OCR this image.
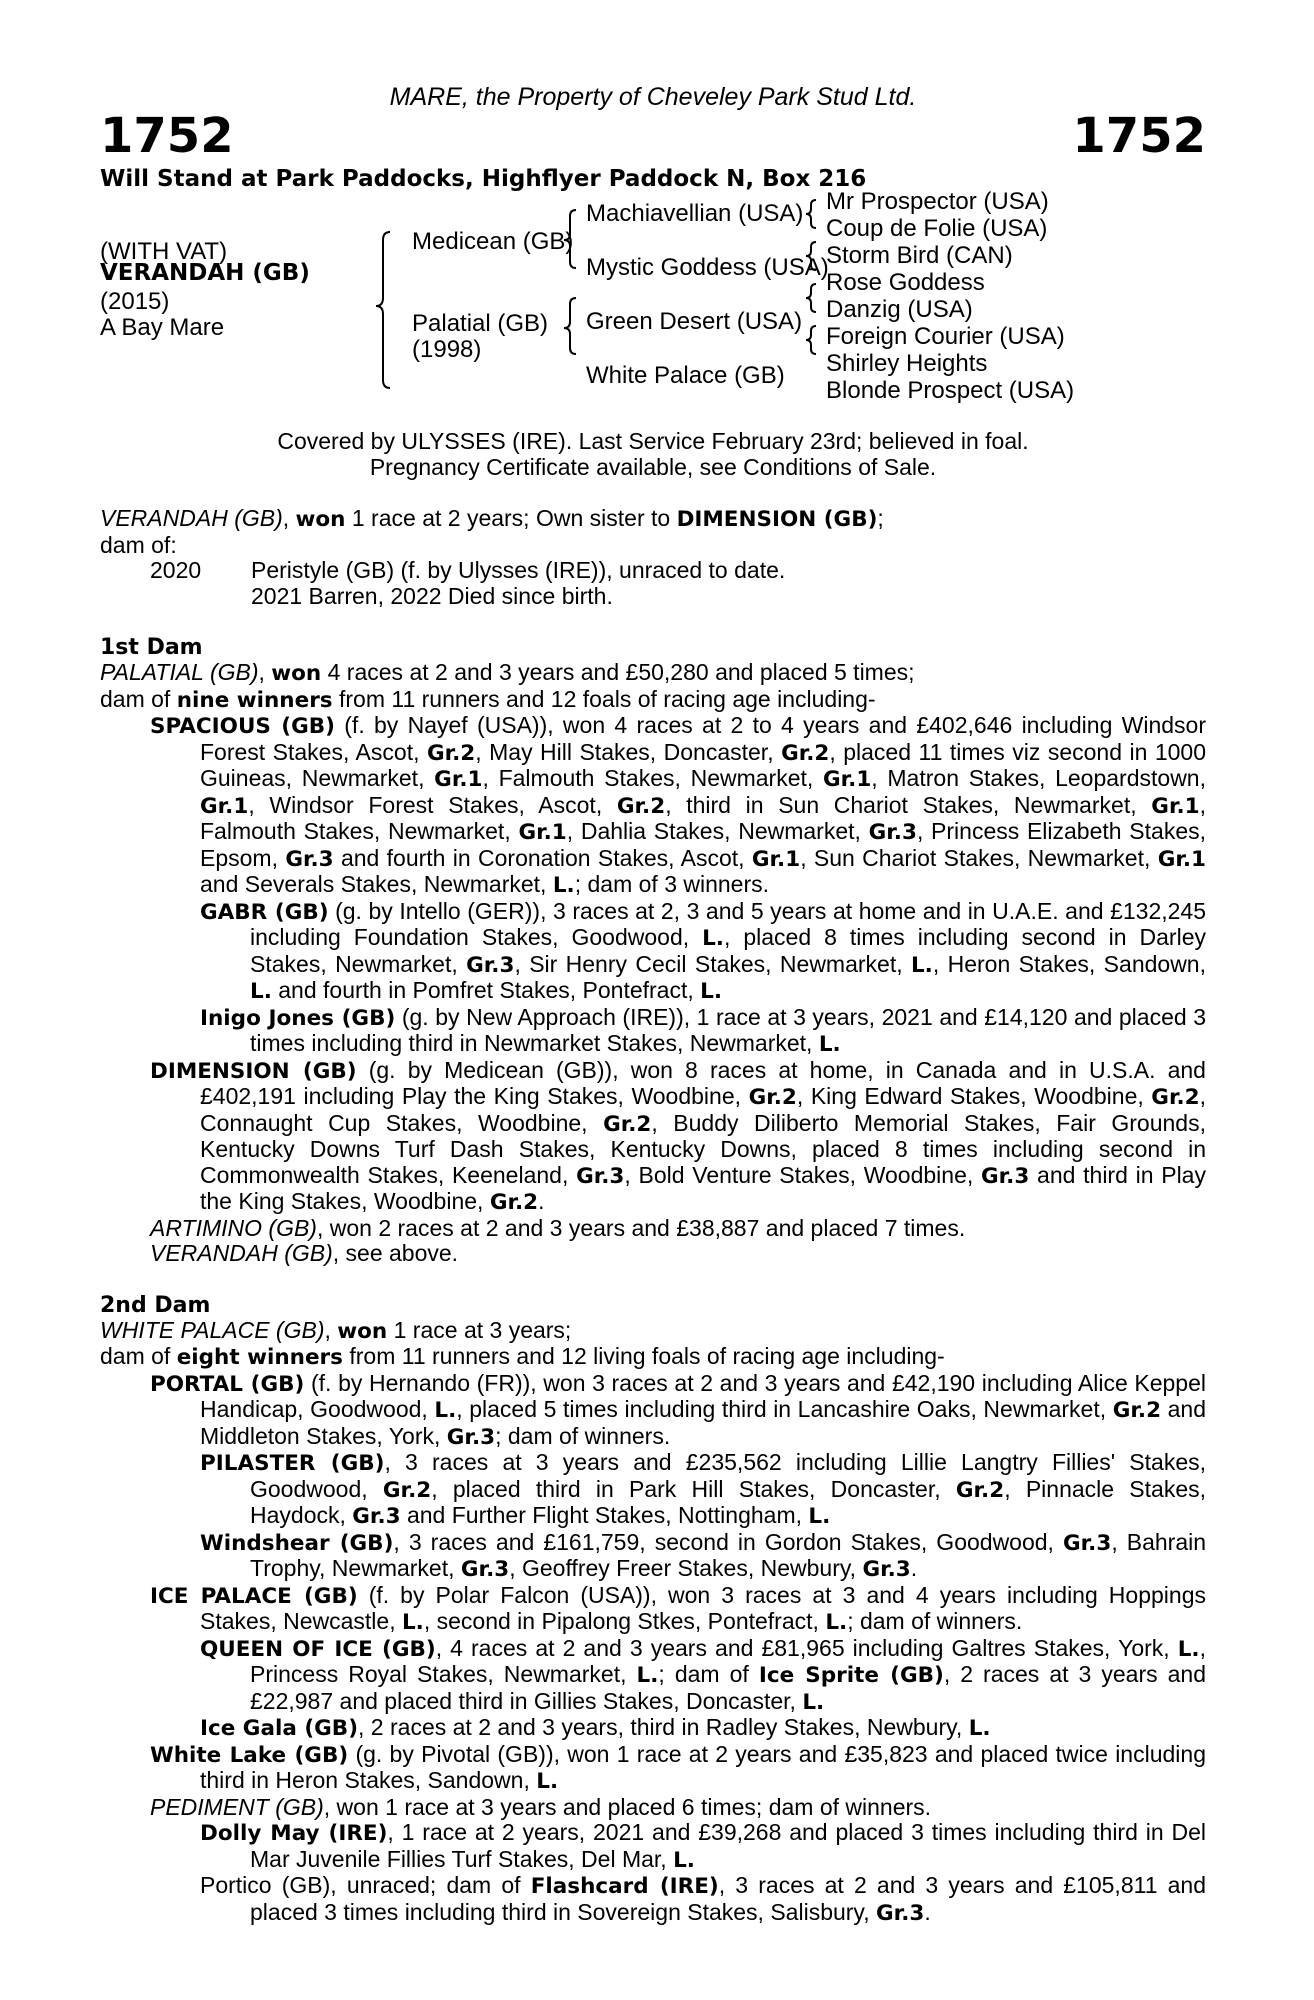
MARE, the Property of Cheveley Park Stud Ltd.

1752	1752
Will Stand at Park Paddocks, Highflyer Paddock N, Box 216
(WITH VAT)
VERANDAH (GB)
(2015)
A Bay Mare
Medicean (GB)
Palatial (GB)
(1998)
Machiavellian (USA)
Mystic Goddess (USA)
Green Desert (USA)
White Palace (GB)
Mr Prospector (USA)
Coup de Folie (USA)
Storm Bird (CAN)
Rose Goddess
Danzig (USA)
Foreign Courier (USA)
Shirley Heights
Blonde Prospect (USA)
Covered by ULYSSES (IRE). Last Service February 23rd; believed in foal.
Pregnancy Certificate available, see Conditions of Sale.
VERANDAH (GB), won 1 race at 2 years; Own sister to DIMENSION (GB);
dam of:
2020	Peristyle (GB) (f. by Ulysses (IRE)), unraced to date.
2021 Barren, 2022 Died since birth.
1st Dam
PALATIAL (GB), won 4 races at 2 and 3 years and £50,280 and placed 5 times;
dam of nine winners from 11 runners and 12 foals of racing age including-
SPACIOUS (GB) (f. by Nayef (USA)), won 4 races at 2 to 4 years and £402,646 including Windsor Forest Stakes, Ascot, Gr.2, May Hill Stakes, Doncaster, Gr.2, placed 11 times viz second in 1000 Guineas, Newmarket, Gr.1, Falmouth Stakes, Newmarket, Gr.1, Matron Stakes, Leopardstown, Gr.1, Windsor Forest Stakes, Ascot, Gr.2, third in Sun Chariot Stakes, Newmarket, Gr.1, Falmouth Stakes, Newmarket, Gr.1, Dahlia Stakes, Newmarket, Gr.3, Princess Elizabeth Stakes, Epsom, Gr.3 and fourth in Coronation Stakes, Ascot, Gr.1, Sun Chariot Stakes, Newmarket, Gr.1 and Severals Stakes, Newmarket, L.; dam of 3 winners.
GABR (GB) (g. by Intello (GER)), 3 races at 2, 3 and 5 years at home and in U.A.E. and £132,245 including Foundation Stakes, Goodwood, L., placed 8 times including second in Darley Stakes, Newmarket, Gr.3, Sir Henry Cecil Stakes, Newmarket, L., Heron Stakes, Sandown, L. and fourth in Pomfret Stakes, Pontefract, L.
Inigo Jones (GB) (g. by New Approach (IRE)), 1 race at 3 years, 2021 and £14,120 and placed 3 times including third in Newmarket Stakes, Newmarket, L.
DIMENSION (GB) (g. by Medicean (GB)), won 8 races at home, in Canada and in U.S.A. and £402,191 including Play the King Stakes, Woodbine, Gr.2, King Edward Stakes, Woodbine, Gr.2, Connaught Cup Stakes, Woodbine, Gr.2, Buddy Diliberto Memorial Stakes, Fair Grounds, Kentucky Downs Turf Dash Stakes, Kentucky Downs, placed 8 times including second in Commonwealth Stakes, Keeneland, Gr.3, Bold Venture Stakes, Woodbine, Gr.3 and third in Play the King Stakes, Woodbine, Gr.2.
ARTIMINO (GB), won 2 races at 2 and 3 years and £38,887 and placed 7 times.
VERANDAH (GB), see above.
2nd Dam
WHITE PALACE (GB), won 1 race at 3 years;
dam of eight winners from 11 runners and 12 living foals of racing age including-
PORTAL (GB) (f. by Hernando (FR)), won 3 races at 2 and 3 years and £42,190 including Alice Keppel Handicap, Goodwood, L., placed 5 times including third in Lancashire Oaks, Newmarket, Gr.2 and Middleton Stakes, York, Gr.3; dam of winners.
PILASTER (GB), 3 races at 3 years and £235,562 including Lillie Langtry Fillies' Stakes, Goodwood, Gr.2, placed third in Park Hill Stakes, Doncaster, Gr.2, Pinnacle Stakes, Haydock, Gr.3 and Further Flight Stakes, Nottingham, L.
Windshear (GB), 3 races and £161,759, second in Gordon Stakes, Goodwood, Gr.3, Bahrain Trophy, Newmarket, Gr.3, Geoffrey Freer Stakes, Newbury, Gr.3.
ICE PALACE (GB) (f. by Polar Falcon (USA)), won 3 races at 3 and 4 years including Hoppings Stakes, Newcastle, L., second in Pipalong Stkes, Pontefract, L.; dam of winners.
QUEEN OF ICE (GB), 4 races at 2 and 3 years and £81,965 including Galtres Stakes, York, L., Princess Royal Stakes, Newmarket, L.; dam of Ice Sprite (GB), 2 races at 3 years and £22,987 and placed third in Gillies Stakes, Doncaster, L.
Ice Gala (GB), 2 races at 2 and 3 years, third in Radley Stakes, Newbury, L.
White Lake (GB) (g. by Pivotal (GB)), won 1 race at 2 years and £35,823 and placed twice including third in Heron Stakes, Sandown, L.
PEDIMENT (GB), won 1 race at 3 years and placed 6 times; dam of winners.
Dolly May (IRE), 1 race at 2 years, 2021 and £39,268 and placed 3 times including third in Del Mar Juvenile Fillies Turf Stakes, Del Mar, L.
Portico (GB), unraced; dam of Flashcard (IRE), 3 races at 2 and 3 years and £105,811 and placed 3 times including third in Sovereign Stakes, Salisbury, Gr.3.
